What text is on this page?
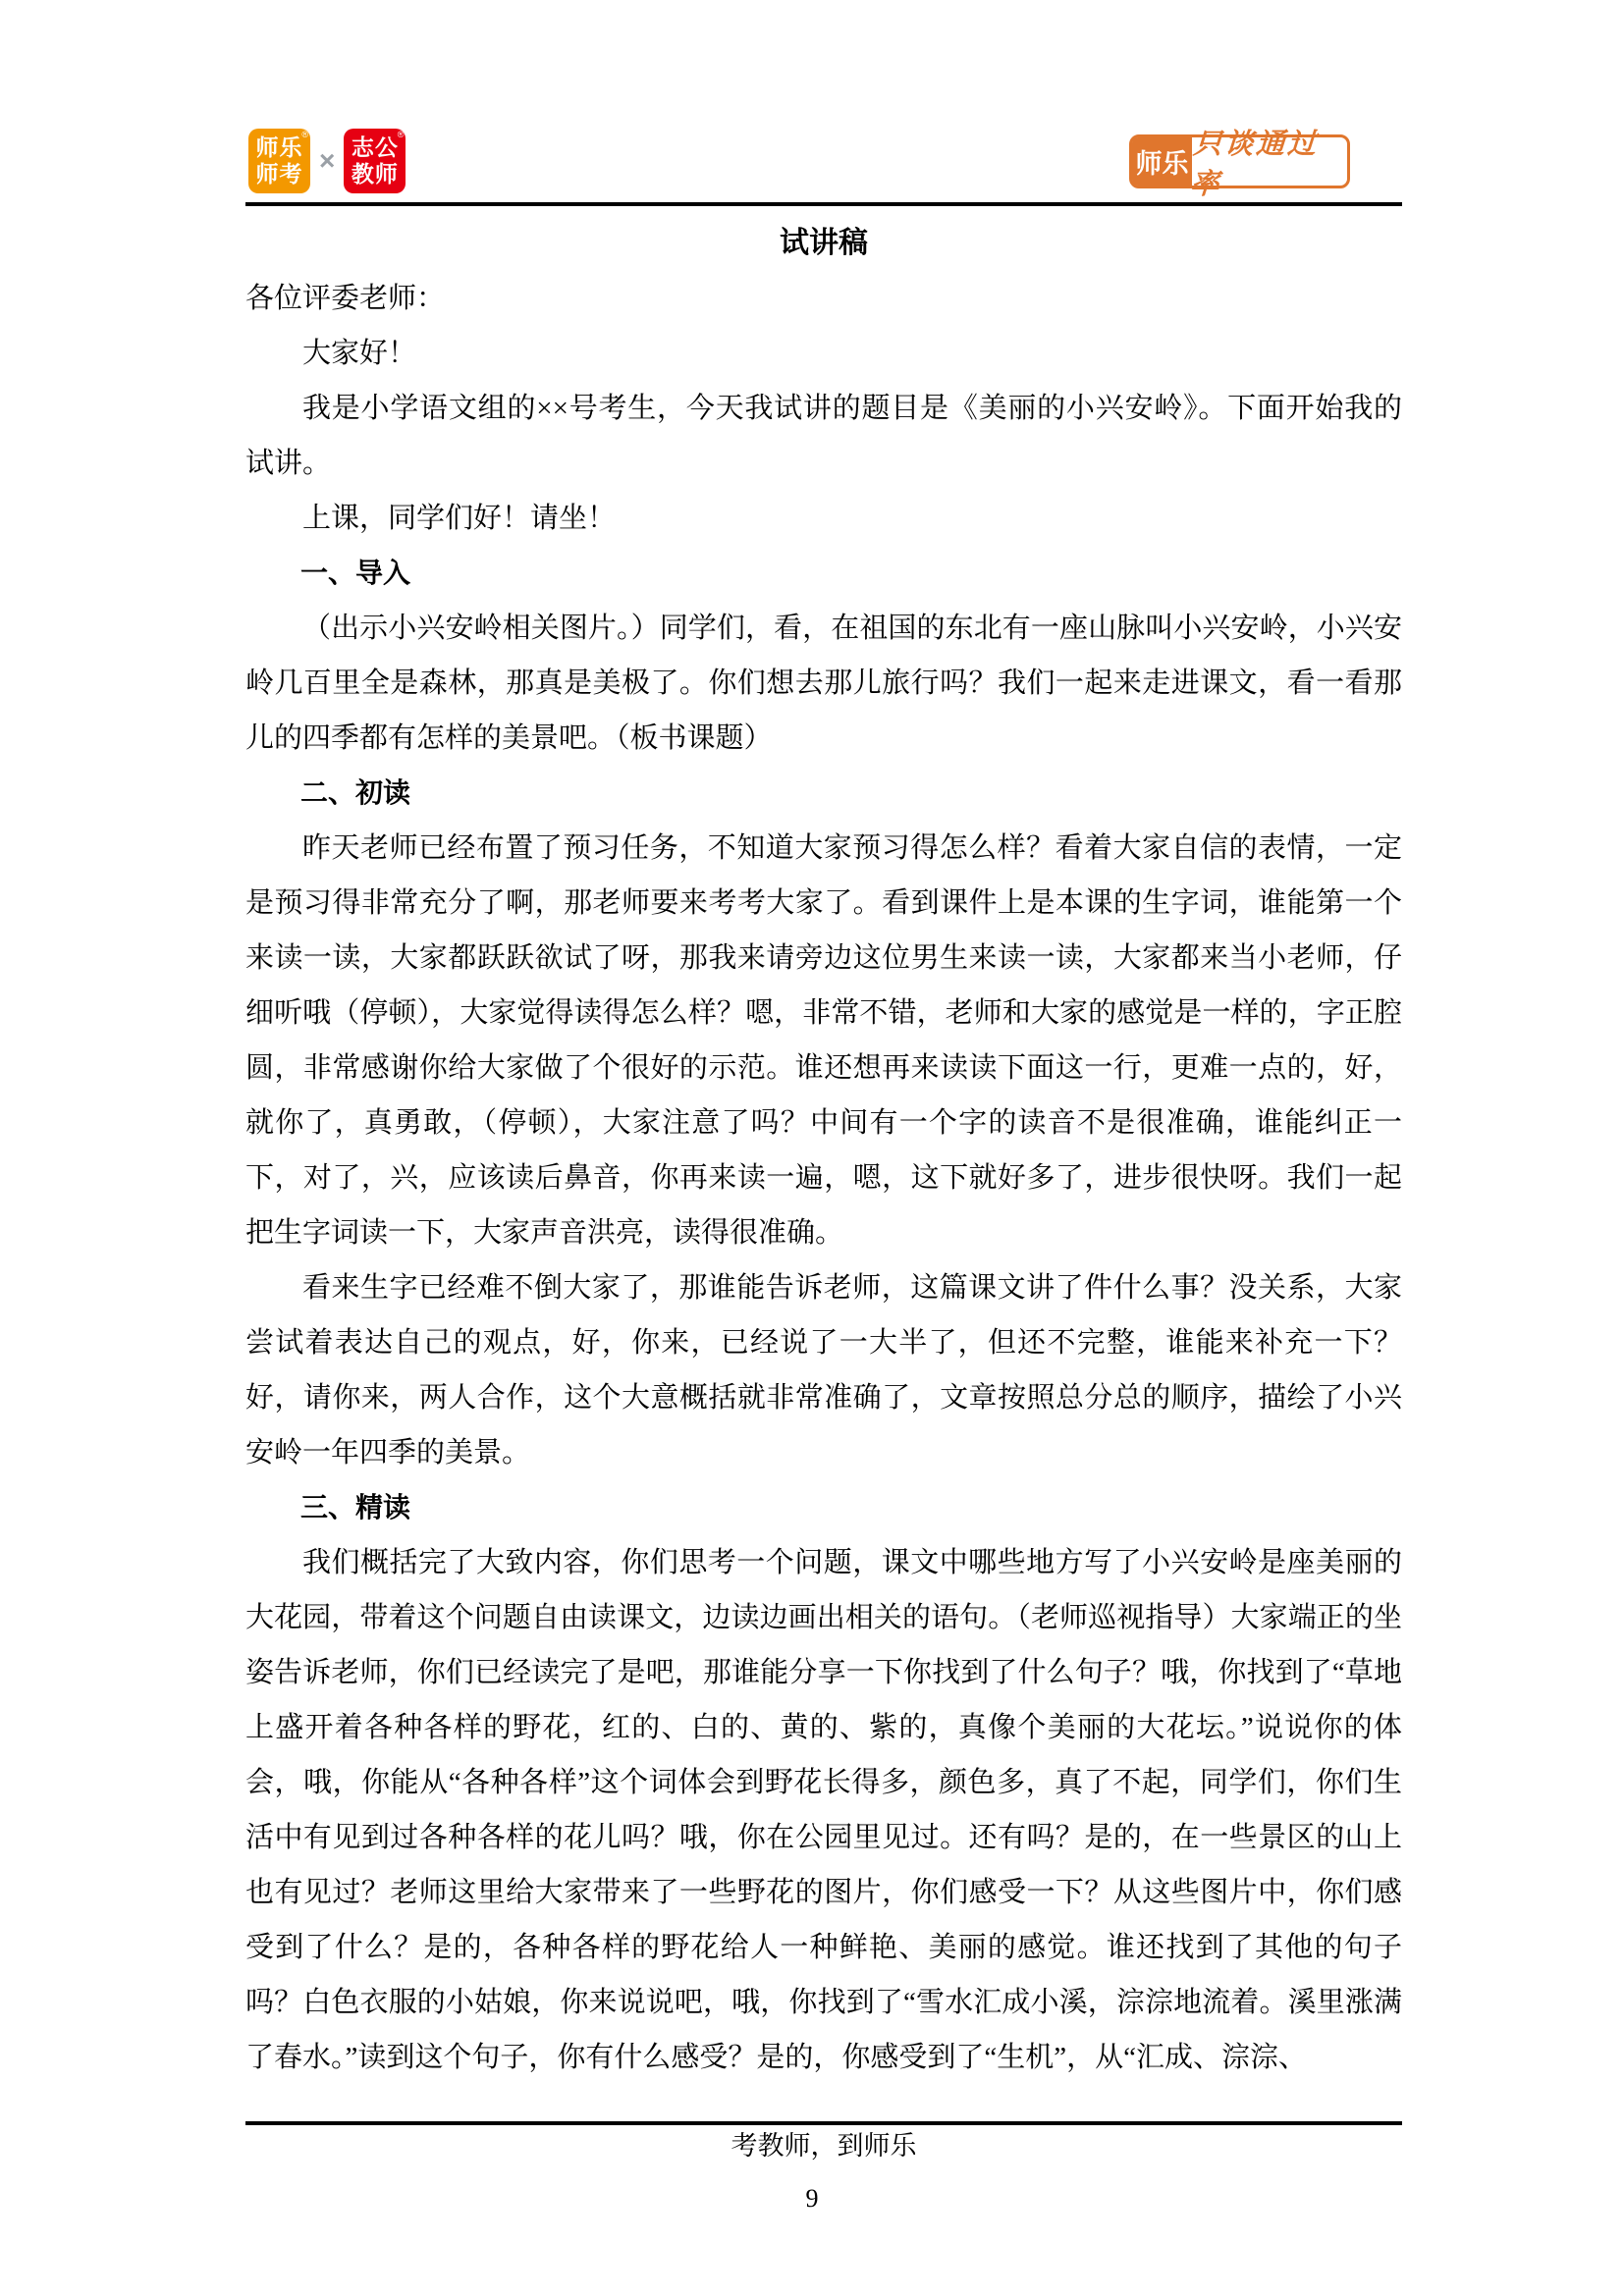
®
师乐
师考 ×
®
志公
教师	师乐
只谈通过率
试讲稿

各位评委老师：

大家好！

我是小学语文组的××号考生，今天我试讲的题目是《美丽的小兴安岭》。下面开始我的试讲。

上课，同学们好！请坐！

一、导入

（出示小兴安岭相关图片。）同学们，看，在祖国的东北有一座山脉叫小兴安岭，小兴安岭几百里全是森林，那真是美极了。你们想去那儿旅行吗？我们一起来走进课文，看一看那儿的四季都有怎样的美景吧。（板书课题）

二、初读

昨天老师已经布置了预习任务，不知道大家预习得怎么样？看着大家自信的表情，一定是预习得非常充分了啊，那老师要来考考大家了。看到课件上是本课的生字词，谁能第一个来读一读，大家都跃跃欲试了呀，那我来请旁边这位男生来读一读，大家都来当小老师，仔细听哦（停顿），大家觉得读得怎么样？嗯，非常不错，老师和大家的感觉是一样的，字正腔圆，非常感谢你给大家做了个很好的示范。谁还想再来读读下面这一行，更难一点的，好，就你了，真勇敢，（停顿），大家注意了吗？中间有一个字的读音不是很准确，谁能纠正一下，对了，兴，应该读后鼻音，你再来读一遍，嗯，这下就好多了，进步很快呀。我们一起把生字词读一下，大家声音洪亮，读得很准确。

看来生字已经难不倒大家了，那谁能告诉老师，这篇课文讲了件什么事？没关系，大家尝试着表达自己的观点，好，你来，已经说了一大半了，但还不完整，谁能来补充一下？好，请你来，两人合作，这个大意概括就非常准确了，文章按照总分总的顺序，描绘了小兴安岭一年四季的美景。

三、精读

我们概括完了大致内容，你们思考一个问题，课文中哪些地方写了小兴安岭是座美丽的大花园，带着这个问题自由读课文，边读边画出相关的语句。（老师巡视指导）大家端正的坐姿告诉老师，你们已经读完了是吧，那谁能分享一下你找到了什么句子？哦，你找到了“草地上盛开着各种各样的野花，红的、白的、黄的、紫的，真像个美丽的大花坛。”说说你的体会，哦，你能从“各种各样”这个词体会到野花长得多，颜色多，真了不起，同学们，你们生活中有见到过各种各样的花儿吗？哦，你在公园里见过。还有吗？是的，在一些景区的山上也有见过？老师这里给大家带来了一些野花的图片，你们感受一下？从这些图片中，你们感受到了什么？是的，各种各样的野花给人一种鲜艳、美丽的感觉。谁还找到了其他的句子吗？白色衣服的小姑娘，你来说说吧，哦，你找到了“雪水汇成小溪，淙淙地流着。溪里涨满了春水。”读到这个句子，你有什么感受？是的，你感受到了“生机”，从“汇成、淙淙、

考教师，到师乐
9
